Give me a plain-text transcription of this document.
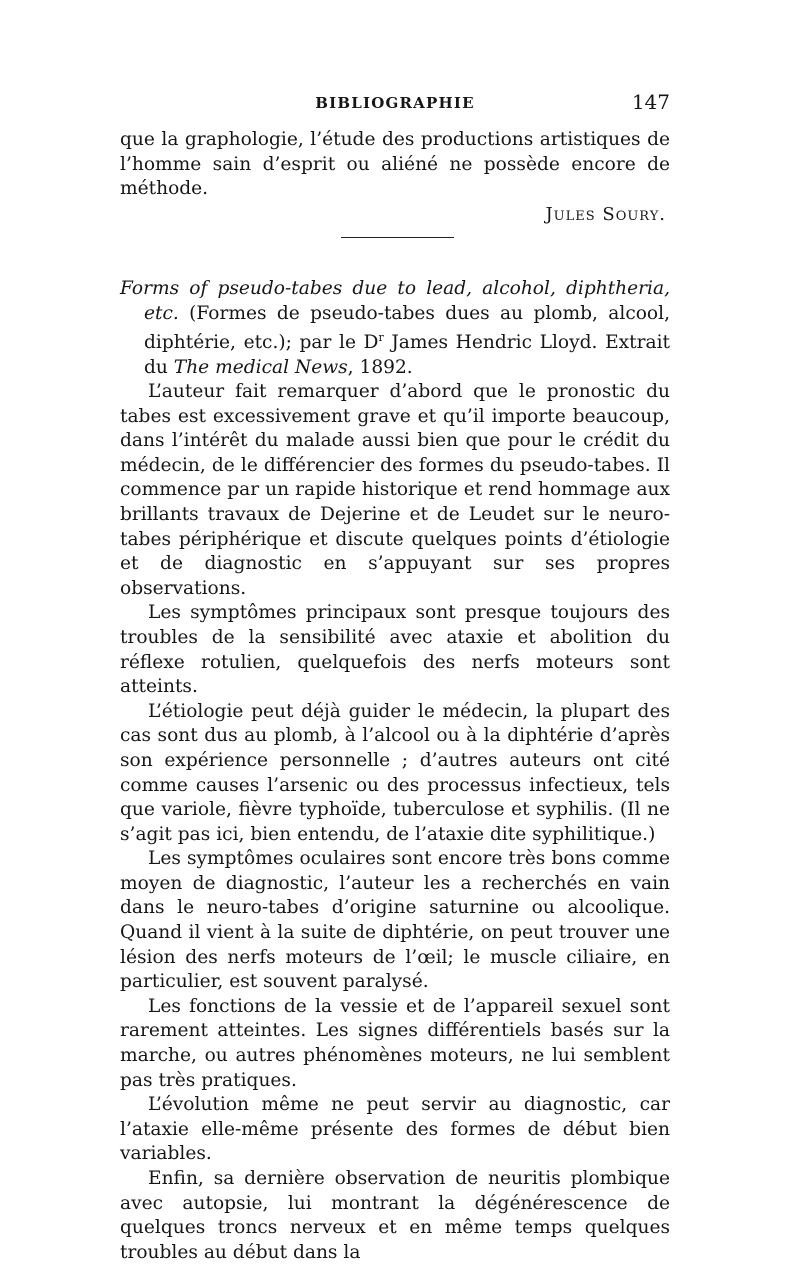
BIBLIOGRAPHIE	147

que la graphologie, l’étude des productions artistiques de l’homme sain d’esprit ou aliéné ne possède encore de méthode.

Jules Soury.
Forms of pseudo-tabes due to lead, alcohol, diphtheria, etc. (Formes de pseudo-tabes dues au plomb, alcool, diphtérie, etc.); par le $D^r$ James Hendric Lloyd. Extrait du The medical News, 1892.

L’auteur fait remarquer d’abord que le pronostic du tabes est excessivement grave et qu’il importe beaucoup, dans l’intérêt du malade aussi bien que pour le crédit du médecin, de le différencier des formes du pseudo-tabes. Il commence par un rapide historique et rend hommage aux brillants travaux de Dejerine et de Leudet sur le neuro-tabes périphérique et discute quelques points d’étiologie et de diagnostic en s’appuyant sur ses propres observations.

Les symptômes principaux sont presque toujours des troubles de la sensibilité avec ataxie et abolition du réflexe rotulien, quelquefois des nerfs moteurs sont atteints.

L’étiologie peut déjà guider le médecin, la plupart des cas sont dus au plomb, à l’alcool ou à la diphtérie d’après son expérience personnelle ; d’autres auteurs ont cité comme causes l’arsenic ou des processus infectieux, tels que variole, fièvre typhoïde, tuberculose et syphilis. (Il ne s’agit pas ici, bien entendu, de l’ataxie dite syphilitique.)

Les symptômes oculaires sont encore très bons comme moyen de diagnostic, l’auteur les a recherchés en vain dans le neuro-tabes d’origine saturnine ou alcoolique. Quand il vient à la suite de diphtérie, on peut trouver une lésion des nerfs moteurs de l’œil; le muscle ciliaire, en particulier, est souvent paralysé.

Les fonctions de la vessie et de l’appareil sexuel sont rarement atteintes. Les signes différentiels basés sur la marche, ou autres phénomènes moteurs, ne lui semblent pas très pratiques.

L’évolution même ne peut servir au diagnostic, car l’ataxie elle-même présente des formes de début bien variables.

Enfin, sa dernière observation de neuritis plombique avec autopsie, lui montrant la dégénérescence de quelques troncs nerveux et en même temps quelques troubles au début dans la
